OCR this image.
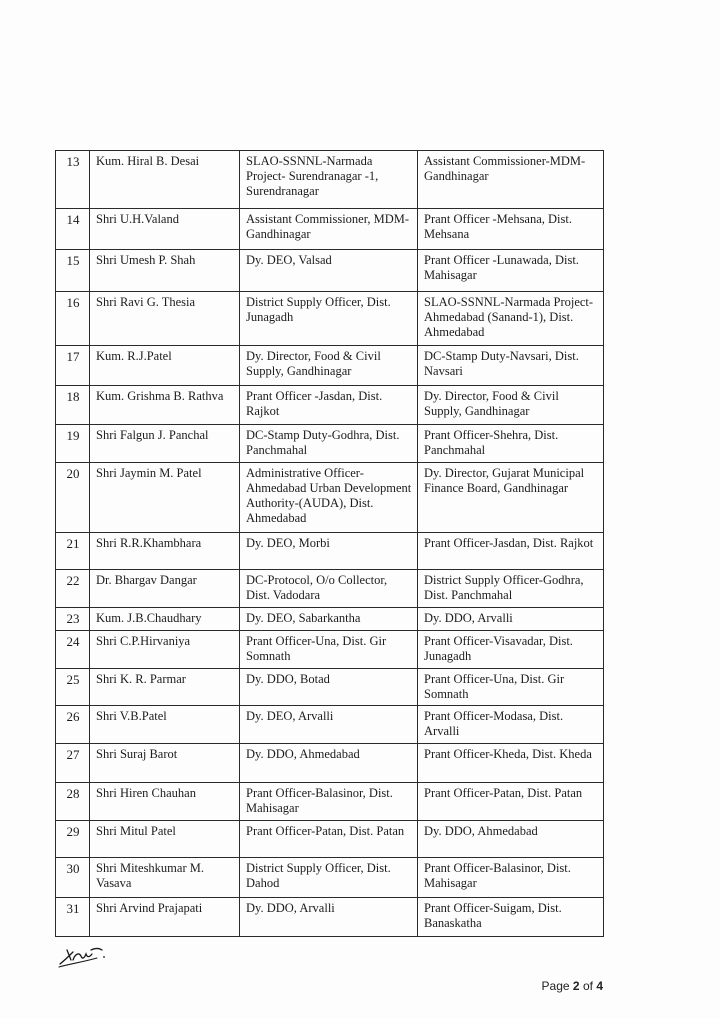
13	Kum. Hiral B. Desai	SLAO-SSNNL-Narmada Project- Surendranagar -1, Surendranagar	Assistant Commissioner-MDM-Gandhinagar
14	Shri U.H.Valand	Assistant Commissioner, MDM-Gandhinagar	Prant Officer -Mehsana, Dist. Mehsana
15	Shri Umesh P. Shah	Dy. DEO, Valsad	Prant Officer -Lunawada, Dist. Mahisagar
16	Shri Ravi G. Thesia	District Supply Officer, Dist. Junagadh	SLAO-SSNNL-Narmada Project-Ahmedabad (Sanand-1), Dist. Ahmedabad
17	Kum. R.J.Patel	Dy. Director, Food & Civil Supply, Gandhinagar	DC-Stamp Duty-Navsari, Dist. Navsari
18	Kum. Grishma B. Rathva	Prant Officer -Jasdan, Dist. Rajkot	Dy. Director, Food & Civil Supply, Gandhinagar
19	Shri Falgun J. Panchal	DC-Stamp Duty-Godhra, Dist. Panchmahal	Prant Officer-Shehra, Dist. Panchmahal
20	Shri Jaymin M. Patel	Administrative Officer-Ahmedabad Urban Development Authority-(AUDA), Dist. Ahmedabad	Dy. Director, Gujarat Municipal Finance Board, Gandhinagar
21	Shri R.R.Khambhara	Dy. DEO, Morbi	Prant Officer-Jasdan, Dist. Rajkot
22	Dr. Bhargav Dangar	DC-Protocol, O/o Collector, Dist. Vadodara	District Supply Officer-Godhra, Dist. Panchmahal
23	Kum. J.B.Chaudhary	Dy. DEO, Sabarkantha	Dy. DDO, Arvalli
24	Shri C.P.Hirvaniya	Prant Officer-Una, Dist. Gir Somnath	Prant Officer-Visavadar, Dist. Junagadh
25	Shri K. R. Parmar	Dy. DDO, Botad	Prant Officer-Una, Dist. Gir Somnath
26	Shri V.B.Patel	Dy. DEO, Arvalli	Prant Officer-Modasa, Dist. Arvalli
27	Shri Suraj Barot	Dy. DDO, Ahmedabad	Prant Officer-Kheda, Dist. Kheda
28	Shri Hiren Chauhan	Prant Officer-Balasinor, Dist. Mahisagar	Prant Officer-Patan, Dist. Patan
29	Shri Mitul Patel	Prant Officer-Patan, Dist. Patan	Dy. DDO, Ahmedabad
30	Shri Miteshkumar M. Vasava	District Supply Officer, Dist. Dahod	Prant Officer-Balasinor, Dist. Mahisagar
31	Shri Arvind Prajapati	Dy. DDO, Arvalli	Prant Officer-Suigam, Dist. Banaskatha
Page 2 of 4
